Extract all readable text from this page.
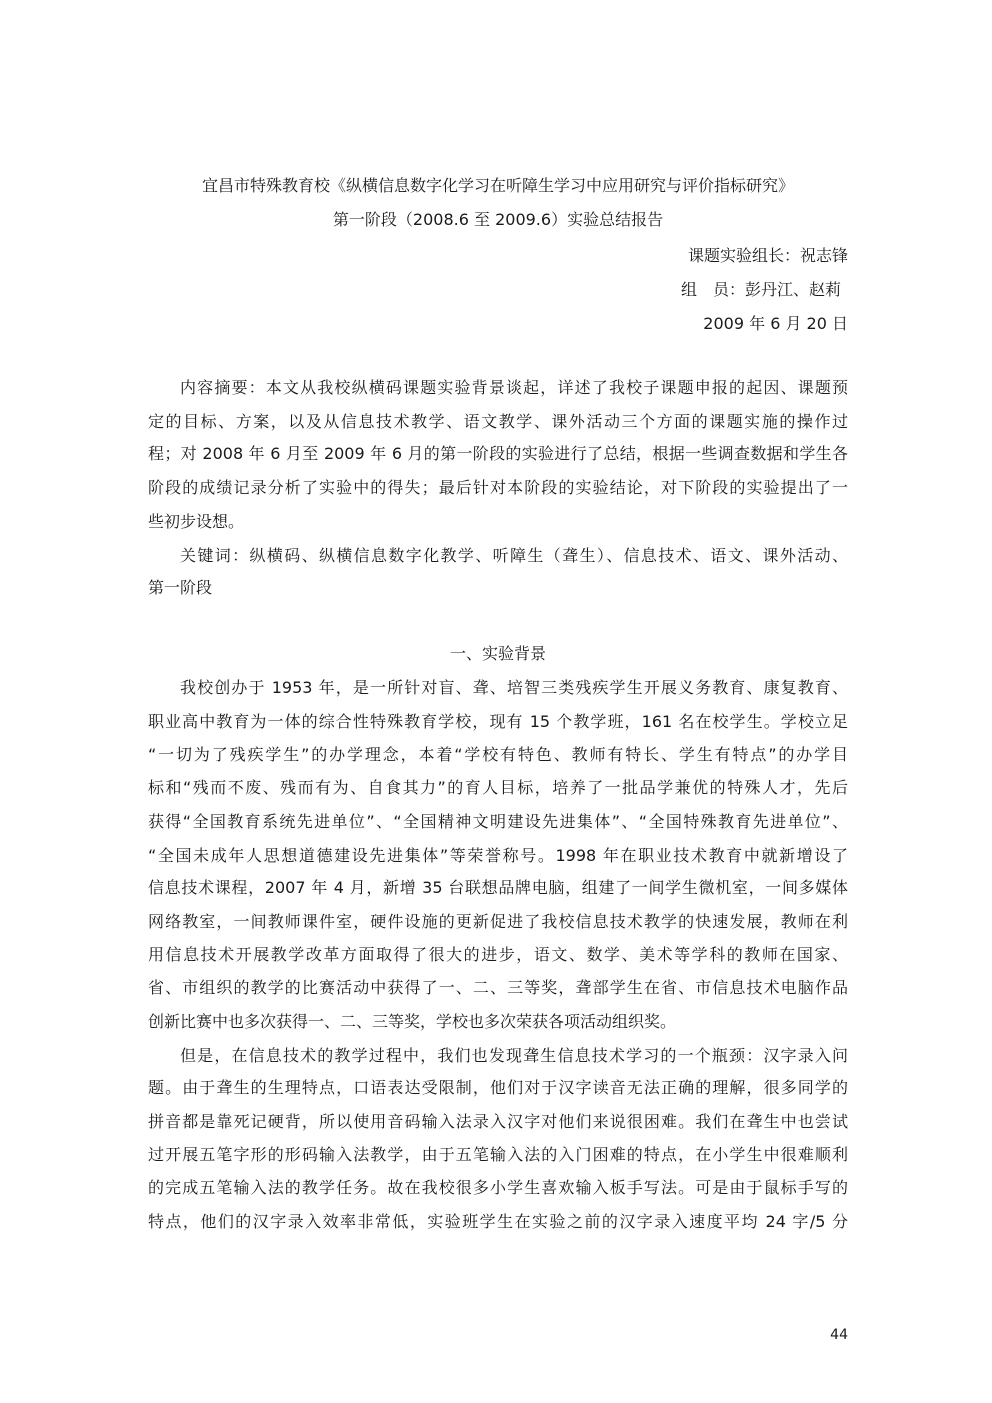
宜昌市特殊教育校《纵横信息数字化学习在听障生学习中应用研究与评价指标研究》
第一阶段（2008.6 至 2009.6）实验总结报告
课题实验组长：祝志锋
组　员：彭丹江、赵莉
2009 年 6 月 20 日
内容摘要：本文从我校纵横码课题实验背景谈起，详述了我校子课题申报的起因、课题预
定的目标、方案，以及从信息技术教学、语文教学、课外活动三个方面的课题实施的操作过
程；对 2008 年 6 月至 2009 年 6 月的第一阶段的实验进行了总结，根据一些调查数据和学生各
阶段的成绩记录分析了实验中的得失；最后针对本阶段的实验结论，对下阶段的实验提出了一
些初步设想。
关键词：纵横码、纵横信息数字化教学、听障生（聋生）、信息技术、语文、课外活动、
第一阶段
一、实验背景
我校创办于 1953 年，是一所针对盲、聋、培智三类残疾学生开展义务教育、康复教育、
职业高中教育为一体的综合性特殊教育学校，现有 15 个教学班，161 名在校学生。学校立足
“一切为了残疾学生”的办学理念，本着“学校有特色、教师有特长、学生有特点”的办学目
标和“残而不废、残而有为、自食其力”的育人目标，培养了一批品学兼优的特殊人才，先后
获得“全国教育系统先进单位”、“全国精神文明建设先进集体”、“全国特殊教育先进单位”、
“全国未成年人思想道德建设先进集体”等荣誉称号。1998 年在职业技术教育中就新增设了
信息技术课程，2007 年 4 月，新增 35 台联想品牌电脑，组建了一间学生微机室，一间多媒体
网络教室，一间教师课件室，硬件设施的更新促进了我校信息技术教学的快速发展，教师在利
用信息技术开展教学改革方面取得了很大的进步，语文、数学、美术等学科的教师在国家、
省、市组织的教学的比赛活动中获得了一、二、三等奖，聋部学生在省、市信息技术电脑作品
创新比赛中也多次获得一、二、三等奖，学校也多次荣获各项活动组织奖。
但是，在信息技术的教学过程中，我们也发现聋生信息技术学习的一个瓶颈：汉字录入问
题。由于聋生的生理特点，口语表达受限制，他们对于汉字读音无法正确的理解，很多同学的
拼音都是靠死记硬背，所以使用音码输入法录入汉字对他们来说很困难。我们在聋生中也尝试
过开展五笔字形的形码输入法教学，由于五笔输入法的入门困难的特点，在小学生中很难顺利
的完成五笔输入法的教学任务。故在我校很多小学生喜欢输入板手写法。可是由于鼠标手写的
特点，他们的汉字录入效率非常低，实验班学生在实验之前的汉字录入速度平均 24 字/5 分
44
